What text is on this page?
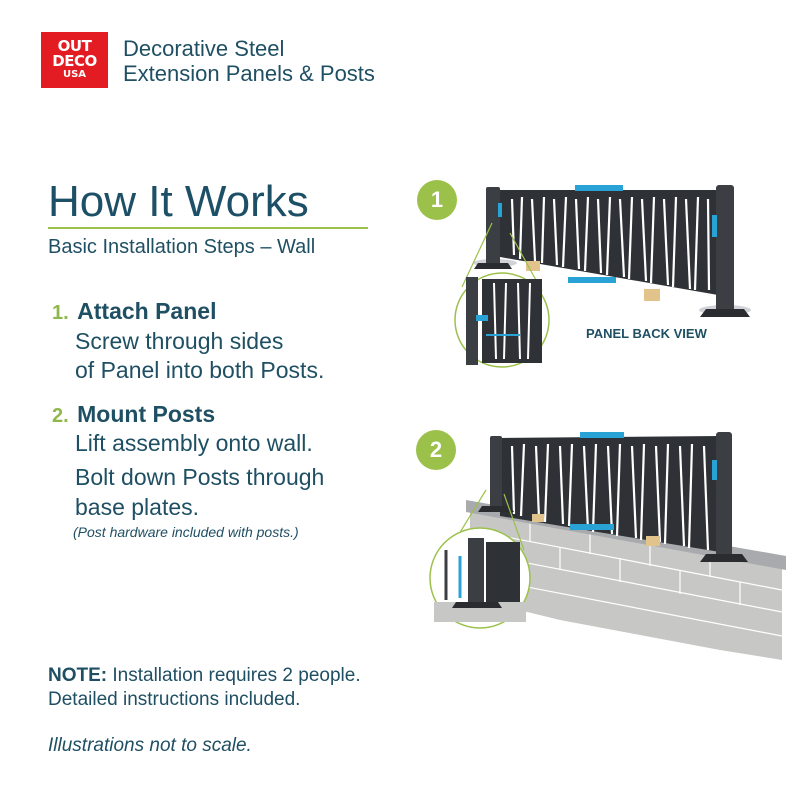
OUT
DECO
USA
Decorative Steel
Extension Panels & Posts
How It Works
Basic Installation Steps – Wall
1. Attach Panel
Screw through sides
of Panel into both Posts.
2. Mount Posts
Lift assembly onto wall.
Bolt down Posts through
base plates.
(Post hardware included with posts.)
NOTE: Installation requires 2 people.
Detailed instructions included.
Illustrations not to scale.
1
2
PANEL BACK VIEW
